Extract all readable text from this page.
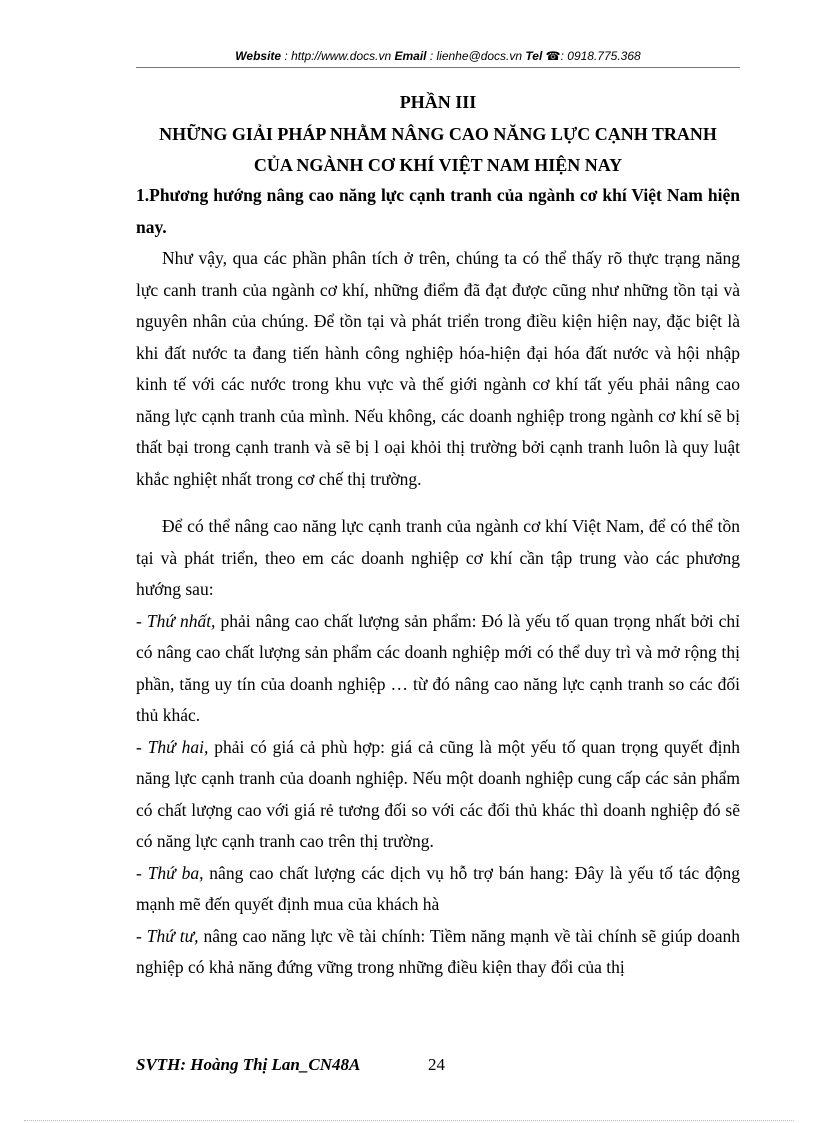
Website : http://www.docs.vn Email : lienhe@docs.vn Tel ☎: 0918.775.368
PHẦN III
NHỮNG GIẢI PHÁP NHẰM NÂNG CAO NĂNG LỰC CẠNH TRANH
CỦA NGÀNH CƠ KHÍ VIỆT NAM HIỆN NAY

1.Phương hướng nâng cao năng lực cạnh tranh của ngành cơ khí Việt Nam hiện nay.

Như vậy, qua các phần phân tích ở trên, chúng ta có thể thấy rõ thực trạng năng lực canh tranh của ngành cơ khí, những điểm đã đạt được cũng như những tồn tại và nguyên nhân của chúng. Để tồn tại và phát triển trong điều kiện hiện nay, đặc biệt là khi đất nước ta đang tiến hành công nghiệp hóa-hiện đại hóa đất nước và hội nhập kinh tế với các nước trong khu vực và thế giới ngành cơ khí tất yếu phải nâng cao năng lực cạnh tranh của mình. Nếu không, các doanh nghiệp trong ngành cơ khí sẽ bị thất bại trong cạnh tranh và sẽ bị l oại khỏi thị trường bởi cạnh tranh luôn là quy luật khắc nghiệt nhất trong cơ chế thị trường.

Để có thể nâng cao năng lực cạnh tranh của ngành cơ khí Việt Nam, để có thể tồn tại và phát triển, theo em các doanh nghiệp cơ khí cần tập trung vào các phương hướng sau:

- Thứ nhất, phải nâng cao chất lượng sản phẩm: Đó là yếu tố quan trọng nhất bởi chỉ có nâng cao chất lượng sản phẩm các doanh nghiệp mới có thể duy trì và mở rộng thị phần, tăng uy tín của doanh nghiệp … từ đó nâng cao năng lực cạnh tranh so các đối thủ khác.

- Thứ hai, phải có giá cả phù hợp: giá cả cũng là một yếu tố quan trọng quyết định năng lực cạnh tranh của doanh nghiệp. Nếu một doanh nghiệp cung cấp các sản phẩm có chất lượng cao với giá rẻ tương đối so với các đối thủ khác thì doanh nghiệp đó sẽ có năng lực cạnh tranh cao trên thị trường.

- Thứ ba, nâng cao chất lượng các dịch vụ hỗ trợ bán hang: Đây là yếu tố tác động mạnh mẽ đến quyết định mua của khách hà

- Thứ tư, nâng cao năng lực về tài chính: Tiềm năng mạnh về tài chính sẽ giúp doanh nghiệp có khả năng đứng vững trong những điều kiện thay đổi của thị

SVTH: Hoàng Thị Lan_CN48A	24
